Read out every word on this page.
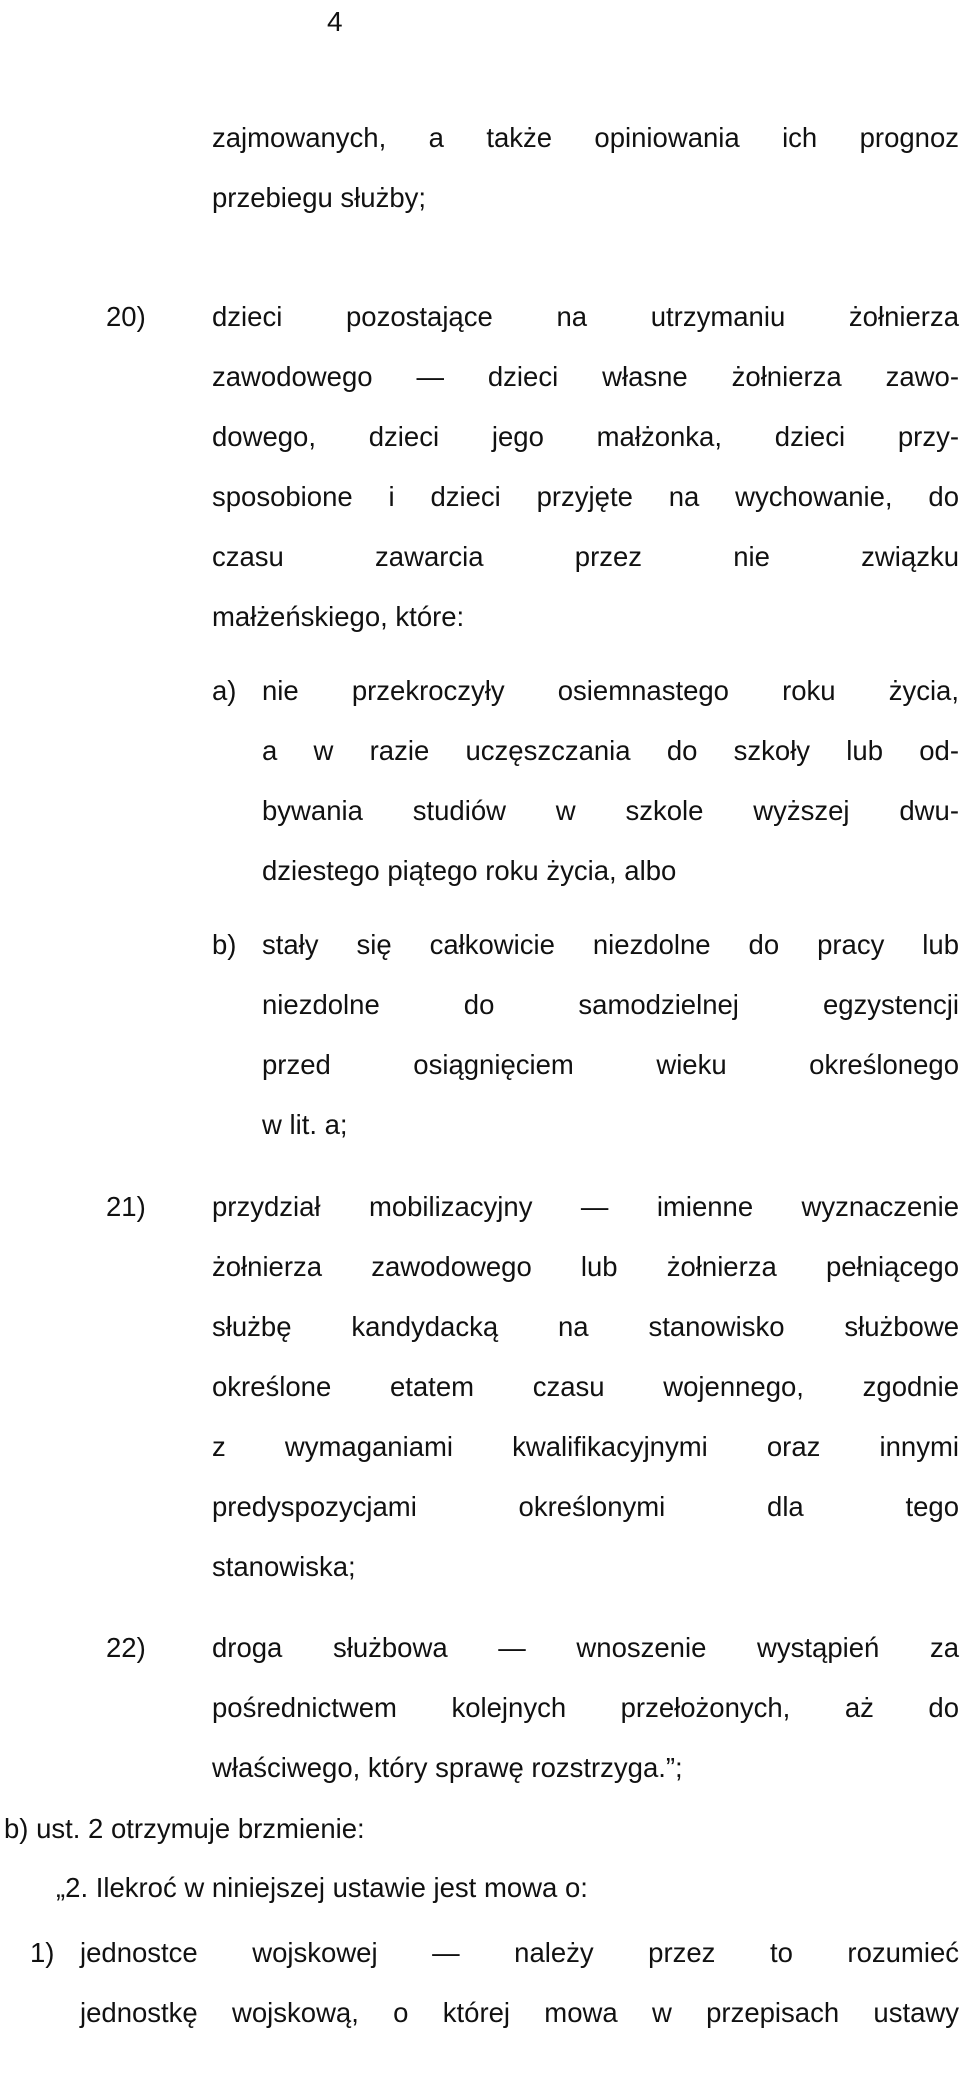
4
zajmowanych, a także opiniowania ich prognoz
przebiegu służby;
20) dzieci pozostające na utrzymaniu żołnierza
zawodowego — dzieci własne żołnierza zawo-
dowego, dzieci jego małżonka, dzieci przy-
sposobione i dzieci przyjęte na wychowanie, do
czasu zawarcia przez nie związku
małżeńskiego, które:
a) nie przekroczyły osiemnastego roku życia,
a w razie uczęszczania do szkoły lub od-
bywania studiów w szkole wyższej dwu-
dziestego piątego roku życia, albo
b) stały się całkowicie niezdolne do pracy lub
niezdolne do samodzielnej egzystencji
przed osiągnięciem wieku określonego
w lit. a;
21) przydział mobilizacyjny — imienne wyznaczenie
żołnierza zawodowego lub żołnierza pełniącego
służbę kandydacką na stanowisko służbowe
określone etatem czasu wojennego, zgodnie
z wymaganiami kwalifikacyjnymi oraz innymi
predyspozycjami określonymi dla tego
stanowiska;
22) droga służbowa — wnoszenie wystąpień za
pośrednictwem kolejnych przełożonych, aż do
właściwego, który sprawę rozstrzyga.”;
b) ust. 2 otrzymuje brzmienie:
„2. Ilekroć w niniejszej ustawie jest mowa o:
1) jednostce wojskowej — należy przez to rozumieć
jednostkę wojskową, o której mowa w przepisach ustawy
